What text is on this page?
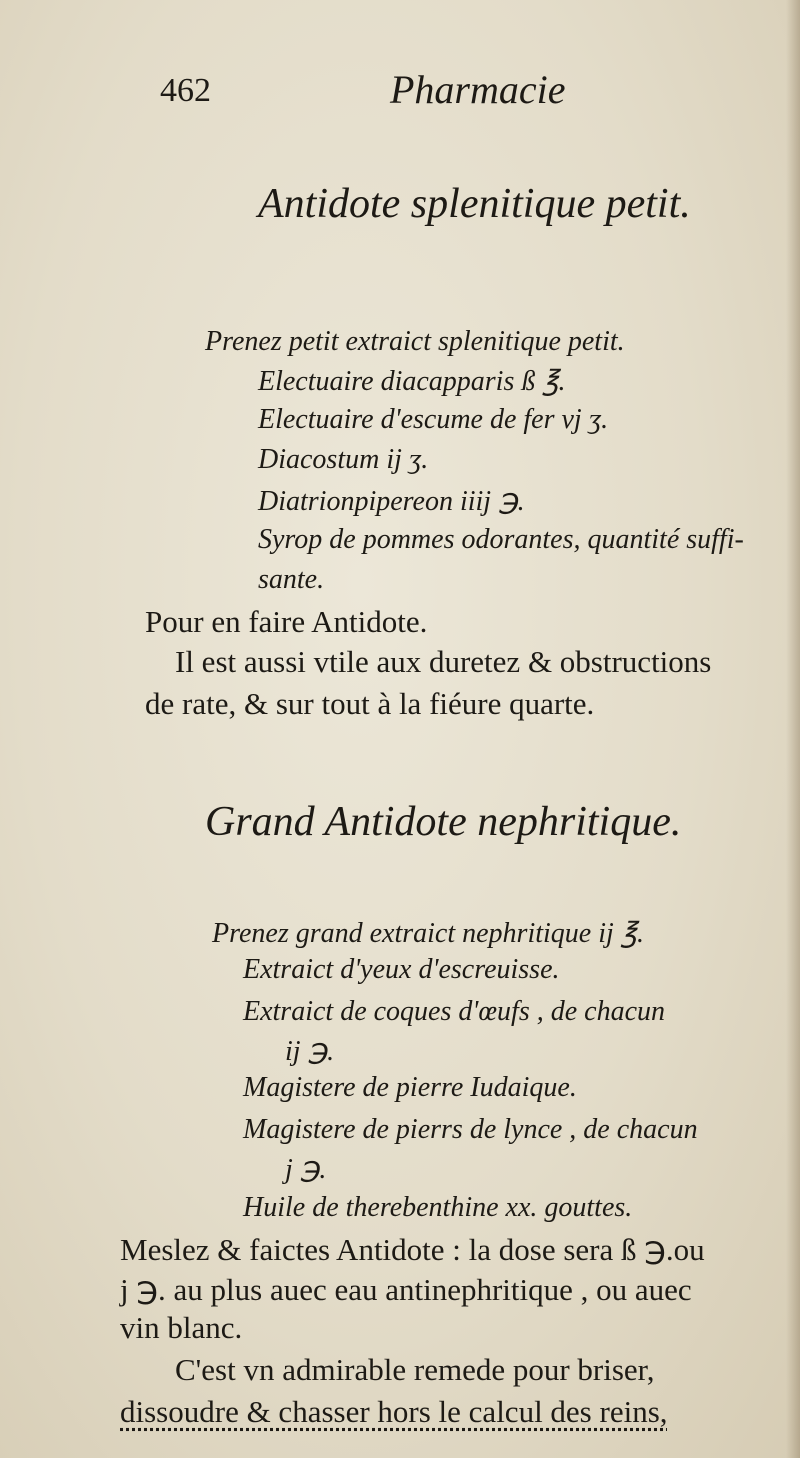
462	Pharmacie
Antidote splenitique petit.
Prenez petit extraict splenitique petit.
Electuaire diacapparis ß ℥.
Electuaire d'escume de fer vj ʒ.
Diacostum ij ʒ.
Diatrionpipereon iiij ℈.
Syrop de pommes odorantes, quantité suffi-
sante.
Pour en faire Antidote.
Il est aussi vtile aux duretez & obstructions
de rate, & sur tout à la fiéure quarte.
Grand Antidote nephritique.
Prenez grand extraict nephritique ij ℥.
Extraict d'yeux d'escreuisse.
Extraict de coques d'œufs , de chacun
ij ℈.
Magistere de pierre Iudaique.
Magistere de pierrs de lynce , de chacun
j ℈.
Huile de therebenthine xx. gouttes.
Meslez & faictes Antidote : la dose sera ß ℈.ou
j ℈. au plus auec eau antinephritique , ou auec
vin blanc.
C'est vn admirable remede pour briser,
dissoudre & chasser hors le calcul des reins,
